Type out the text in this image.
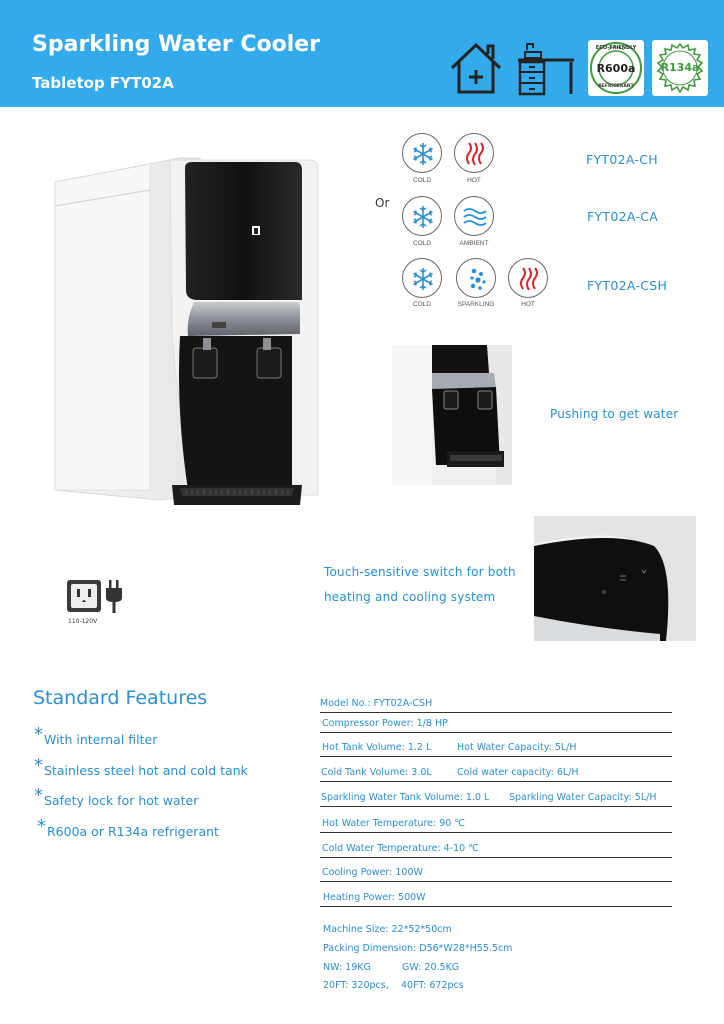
Sparkling Water Cooler
Tabletop FYT02A
ECO-FRIENDLY
R600a
REFRIGERANT
R134a
Or
COLD	HOT
FYT02A-CH
COLD	AMBIENT
FYT02A-CA
COLD	SPARKLING	HOT
FYT02A-CSH
Pushing to get water
Touch-sensitive switch for both
heating and cooling system
110-120V
Standard Features
*With internal filter
*Stainless steel hot and cold tank
*Safety lock for hot water
*R600a or R134a refrigerant
Model No.: FYT02A-CSH
Compressor Power: 1/8 HP
Hot Tank Volume: 1.2 L	Hot Water Capacity: 5L/H
Cold Tank Volume: 3.0L	Cold water capacity: 6L/H
Sparkling Water Tank Volume: 1.0 L Sparkling Water Capacity: 5L/H
Hot Water Temperature: 90 ℃
Cold Water Temperature: 4-10 ℃
Cooling Power: 100W
Heating Power: 500W
Machine Size: 22*52*50cm
Packing Dimension: D56*W28*H55.5cm
NW: 19KG	GW: 20.5KG
20FT: 320pcs, 40FT: 672pcs
